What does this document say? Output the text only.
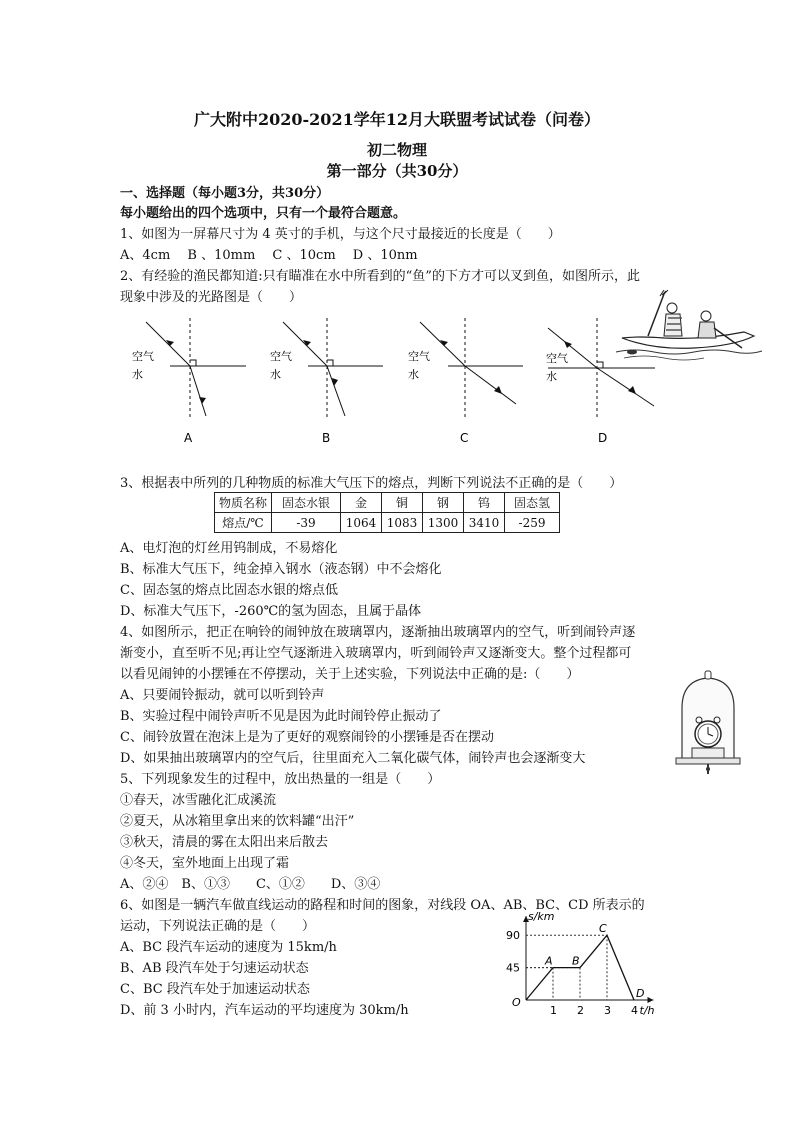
广大附中2020-2021学年12月大联盟考试试卷（问卷）
初二物理
第一部分（共30分）
一、选择题（每小题3分，共30分）
每小题给出的四个选项中，只有一个最符合题意。
1、如图为一屏幕尺寸为 4 英寸的手机，与这个尺寸最接近的长度是（　　）
A、4cm　 B 、10mm　 C 、10cm　 D 、10nm
2、有经验的渔民都知道:只有瞄准在水中所看到的“鱼”的下方才可以叉到鱼，如图所示，此
现象中涉及的光路图是（　　）
空气
水
A
空气
水
B
空气
水
C
空气
水
D
3、根据表中所列的几种物质的标准大气压下的熔点，判断下列说法不正确的是（　　）
物质名称	固态水银	金	铜	钢	钨	固态氢
熔点/℃	-39	1064	1083	1300	3410	-259
A、电灯泡的灯丝用钨制成，不易熔化
B、标准大气压下，纯金掉入钢水（液态钢）中不会熔化
C、固态氢的熔点比固态水银的熔点低
D、标准大气压下，-260℃的氢为固态，且属于晶体
4、如图所示，把正在响铃的闹钟放在玻璃罩内，逐渐抽出玻璃罩内的空气，听到闹铃声逐
渐变小，直至听不见;再让空气逐渐进入玻璃罩内，听到闹铃声又逐渐变大。整个过程都可
以看见闹钟的小摆锤在不停摆动，关于上述实验，下列说法中正确的是:（　　）
A、只要闹铃振动，就可以听到铃声
B、实验过程中闹铃声听不见是因为此时闹铃停止振动了
C、闹铃放置在泡沫上是为了更好的观察闹铃的小摆锤是否在摆动
D、如果抽出玻璃罩内的空气后，往里面充入二氧化碳气体，闹铃声也会逐渐变大
5、下列现象发生的过程中，放出热量的一组是（　　）
①春天，冰雪融化汇成溪流
②夏天，从冰箱里拿出来的饮料罐“出汗”
③秋天，清晨的雾在太阳出来后散去
④冬天，室外地面上出现了霜
A、②④　B、①③　　C、①②　　D、③④
6、如图是一辆汽车做直线运动的路程和时间的图象，对线段 OA、AB、BC、CD 所表示的
运动，下列说法正确的是（　　）
A、BC 段汽车运动的速度为 15km/h
B、AB 段汽车处于匀速运动状态
C、BC 段汽车处于加速运动状态
D、前 3 小时内，汽车运动的平均速度为 30km/h
s/km
t/h
O
1 2 3 4
45
90
A B
C
D
